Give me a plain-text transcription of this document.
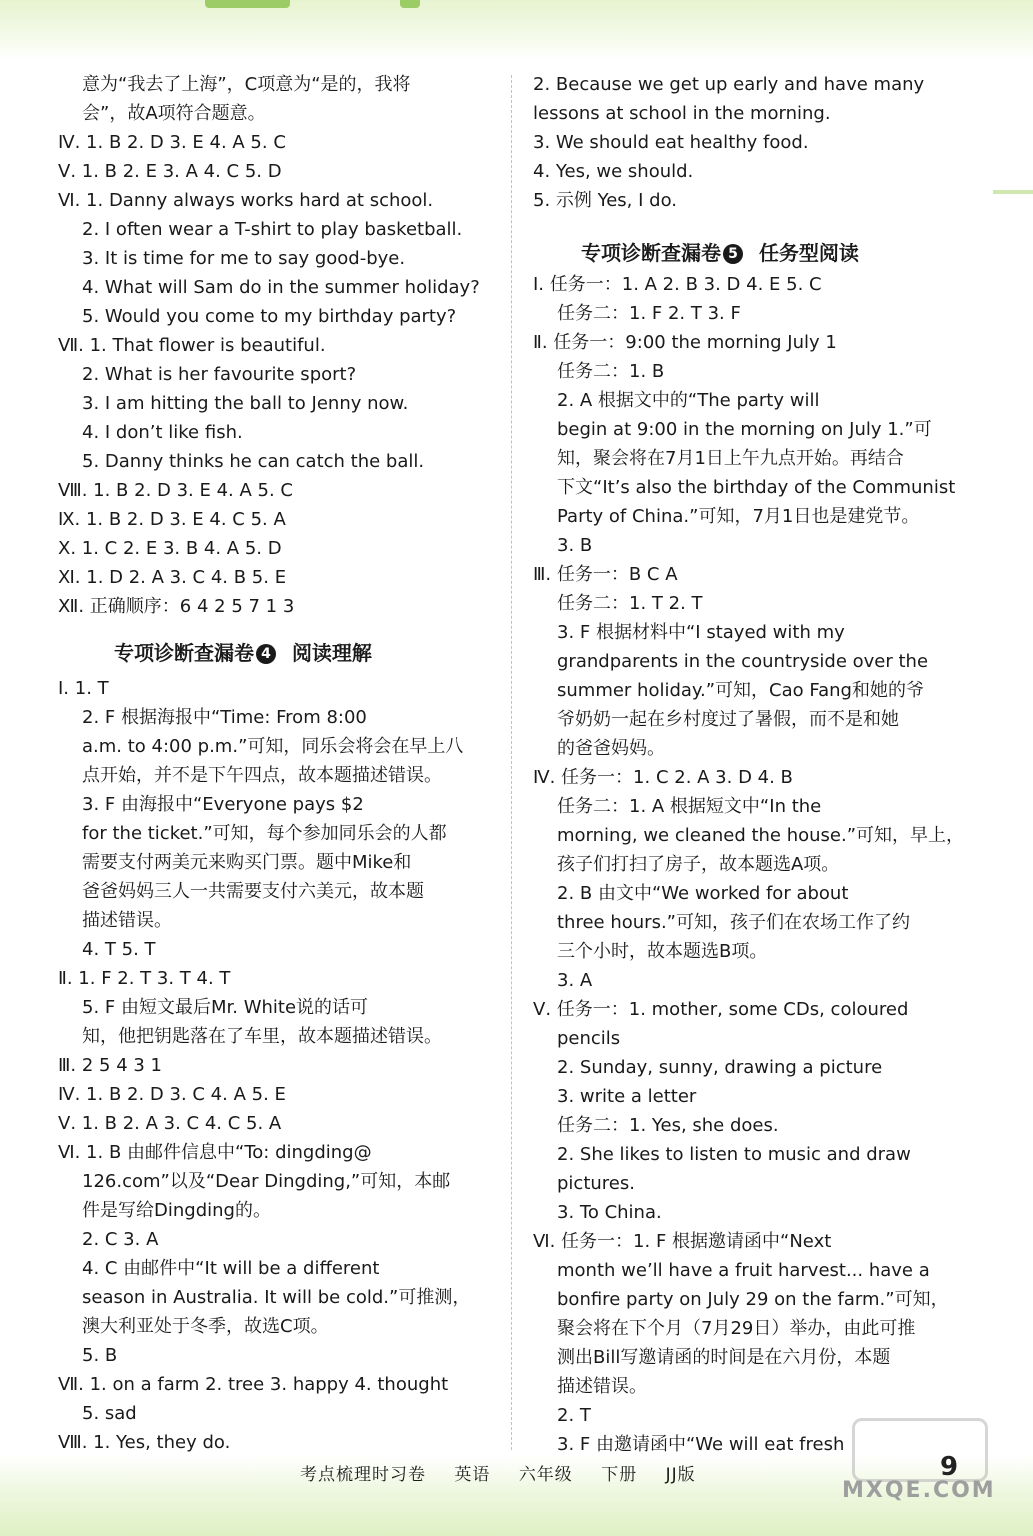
专项诊断查漏卷 4 阅读理解
意为“我去了上海”，C项意为“是的，我将
会”，故A项符合题意。
Ⅳ. 1. B 2. D 3. E 4. A 5. C
Ⅴ. 1. B 2. E 3. A 4. C 5. D
Ⅵ. 1. Danny always works hard at school.
2. I often wear a T-shirt to play basketball.
3. It is time for me to say good-bye.
4. What will Sam do in the summer holiday?
5. Would you come to my birthday party?
Ⅶ. 1. That flower is beautiful.
2. What is her favourite sport?
3. I am hitting the ball to Jenny now.
4. I don’t like fish.
5. Danny thinks he can catch the ball.
Ⅷ. 1. B 2. D 3. E 4. A 5. C
Ⅸ. 1. B 2. D 3. E 4. C 5. A
Ⅹ. 1. C 2. E 3. B 4. A 5. D
Ⅺ. 1. D 2. A 3. C 4. B 5. E
Ⅻ. 正确顺序：6 4 2 5 7 1 3
Ⅰ. 1. T
2. F 根据海报中“Time: From 8:00
a.m. to 4:00 p.m.”可知，同乐会将会在早上八
点开始，并不是下午四点，故本题描述错误。
3. F 由海报中“Everyone pays $2
for the ticket.”可知，每个参加同乐会的人都
需要支付两美元来购买门票。题中Mike和
爸爸妈妈三人一共需要支付六美元，故本题
描述错误。
4. T 5. T
Ⅱ. 1. F 2. T 3. T 4. T
5. F 由短文最后Mr. White说的话可
知，他把钥匙落在了车里，故本题描述错误。
Ⅲ. 2 5 4 3 1
Ⅳ. 1. B 2. D 3. C 4. A 5. E
Ⅴ. 1. B 2. A 3. C 4. C 5. A
Ⅵ. 1. B 由邮件信息中“To: dingding@
126.com”以及“Dear Dingding,”可知，本邮
件是写给Dingding的。
2. C 3. A
4. C 由邮件中“It will be a different
season in Australia. It will be cold.”可推测，
澳大利亚处于冬季，故选C项。
5. B
Ⅶ. 1. on a farm 2. tree 3. happy 4. thought
5. sad
Ⅷ. 1. Yes, they do.
专项诊断查漏卷 5 任务型阅读
2. Because we get up early and have many
lessons at school in the morning.
3. We should eat healthy food.
4. Yes, we should.
5. 示例 Yes, I do.
Ⅰ. 任务一：1. A 2. B 3. D 4. E 5. C
任务二：1. F 2. T 3. F
Ⅱ. 任务一：9:00 the morning July 1
任务二：1. B
2. A 根据文中的“The party will
begin at 9:00 in the morning on July 1.”可
知，聚会将在7月1日上午九点开始。再结合
下文“It’s also the birthday of the Communist
Party of China.”可知，7月1日也是建党节。
3. B
Ⅲ. 任务一：B C A
任务二：1. T 2. T
3. F 根据材料中“I stayed with my
grandparents in the countryside over the
summer holiday.”可知，Cao Fang和她的爷
爷奶奶一起在乡村度过了暑假，而不是和她
的爸爸妈妈。
Ⅳ. 任务一：1. C 2. A 3. D 4. B
任务二：1. A 根据短文中“In the
morning, we cleaned the house.”可知，早上，
孩子们打扫了房子，故本题选A项。
2. B 由文中“We worked for about
three hours.”可知，孩子们在农场工作了约
三个小时，故本题选B项。
3. A
Ⅴ. 任务一：1. mother, some CDs, coloured
pencils
2. Sunday, sunny, drawing a picture
3. write a letter
任务二：1. Yes, she does.
2. She likes to listen to music and draw
pictures.
3. To China.
Ⅵ. 任务一：1. F 根据邀请函中“Next
month we’ll have a fruit harvest... have a
bonfire party on July 29 on the farm.”可知，
聚会将在下个月（7月29日）举办，由此可推
测出Bill写邀请函的时间是在六月份，本题
描述错误。
2. T
3. F 由邀请函中“We will eat fresh
考点梳理时习卷 英语 六年级 下册 JJ版	9
MXQE.COM
